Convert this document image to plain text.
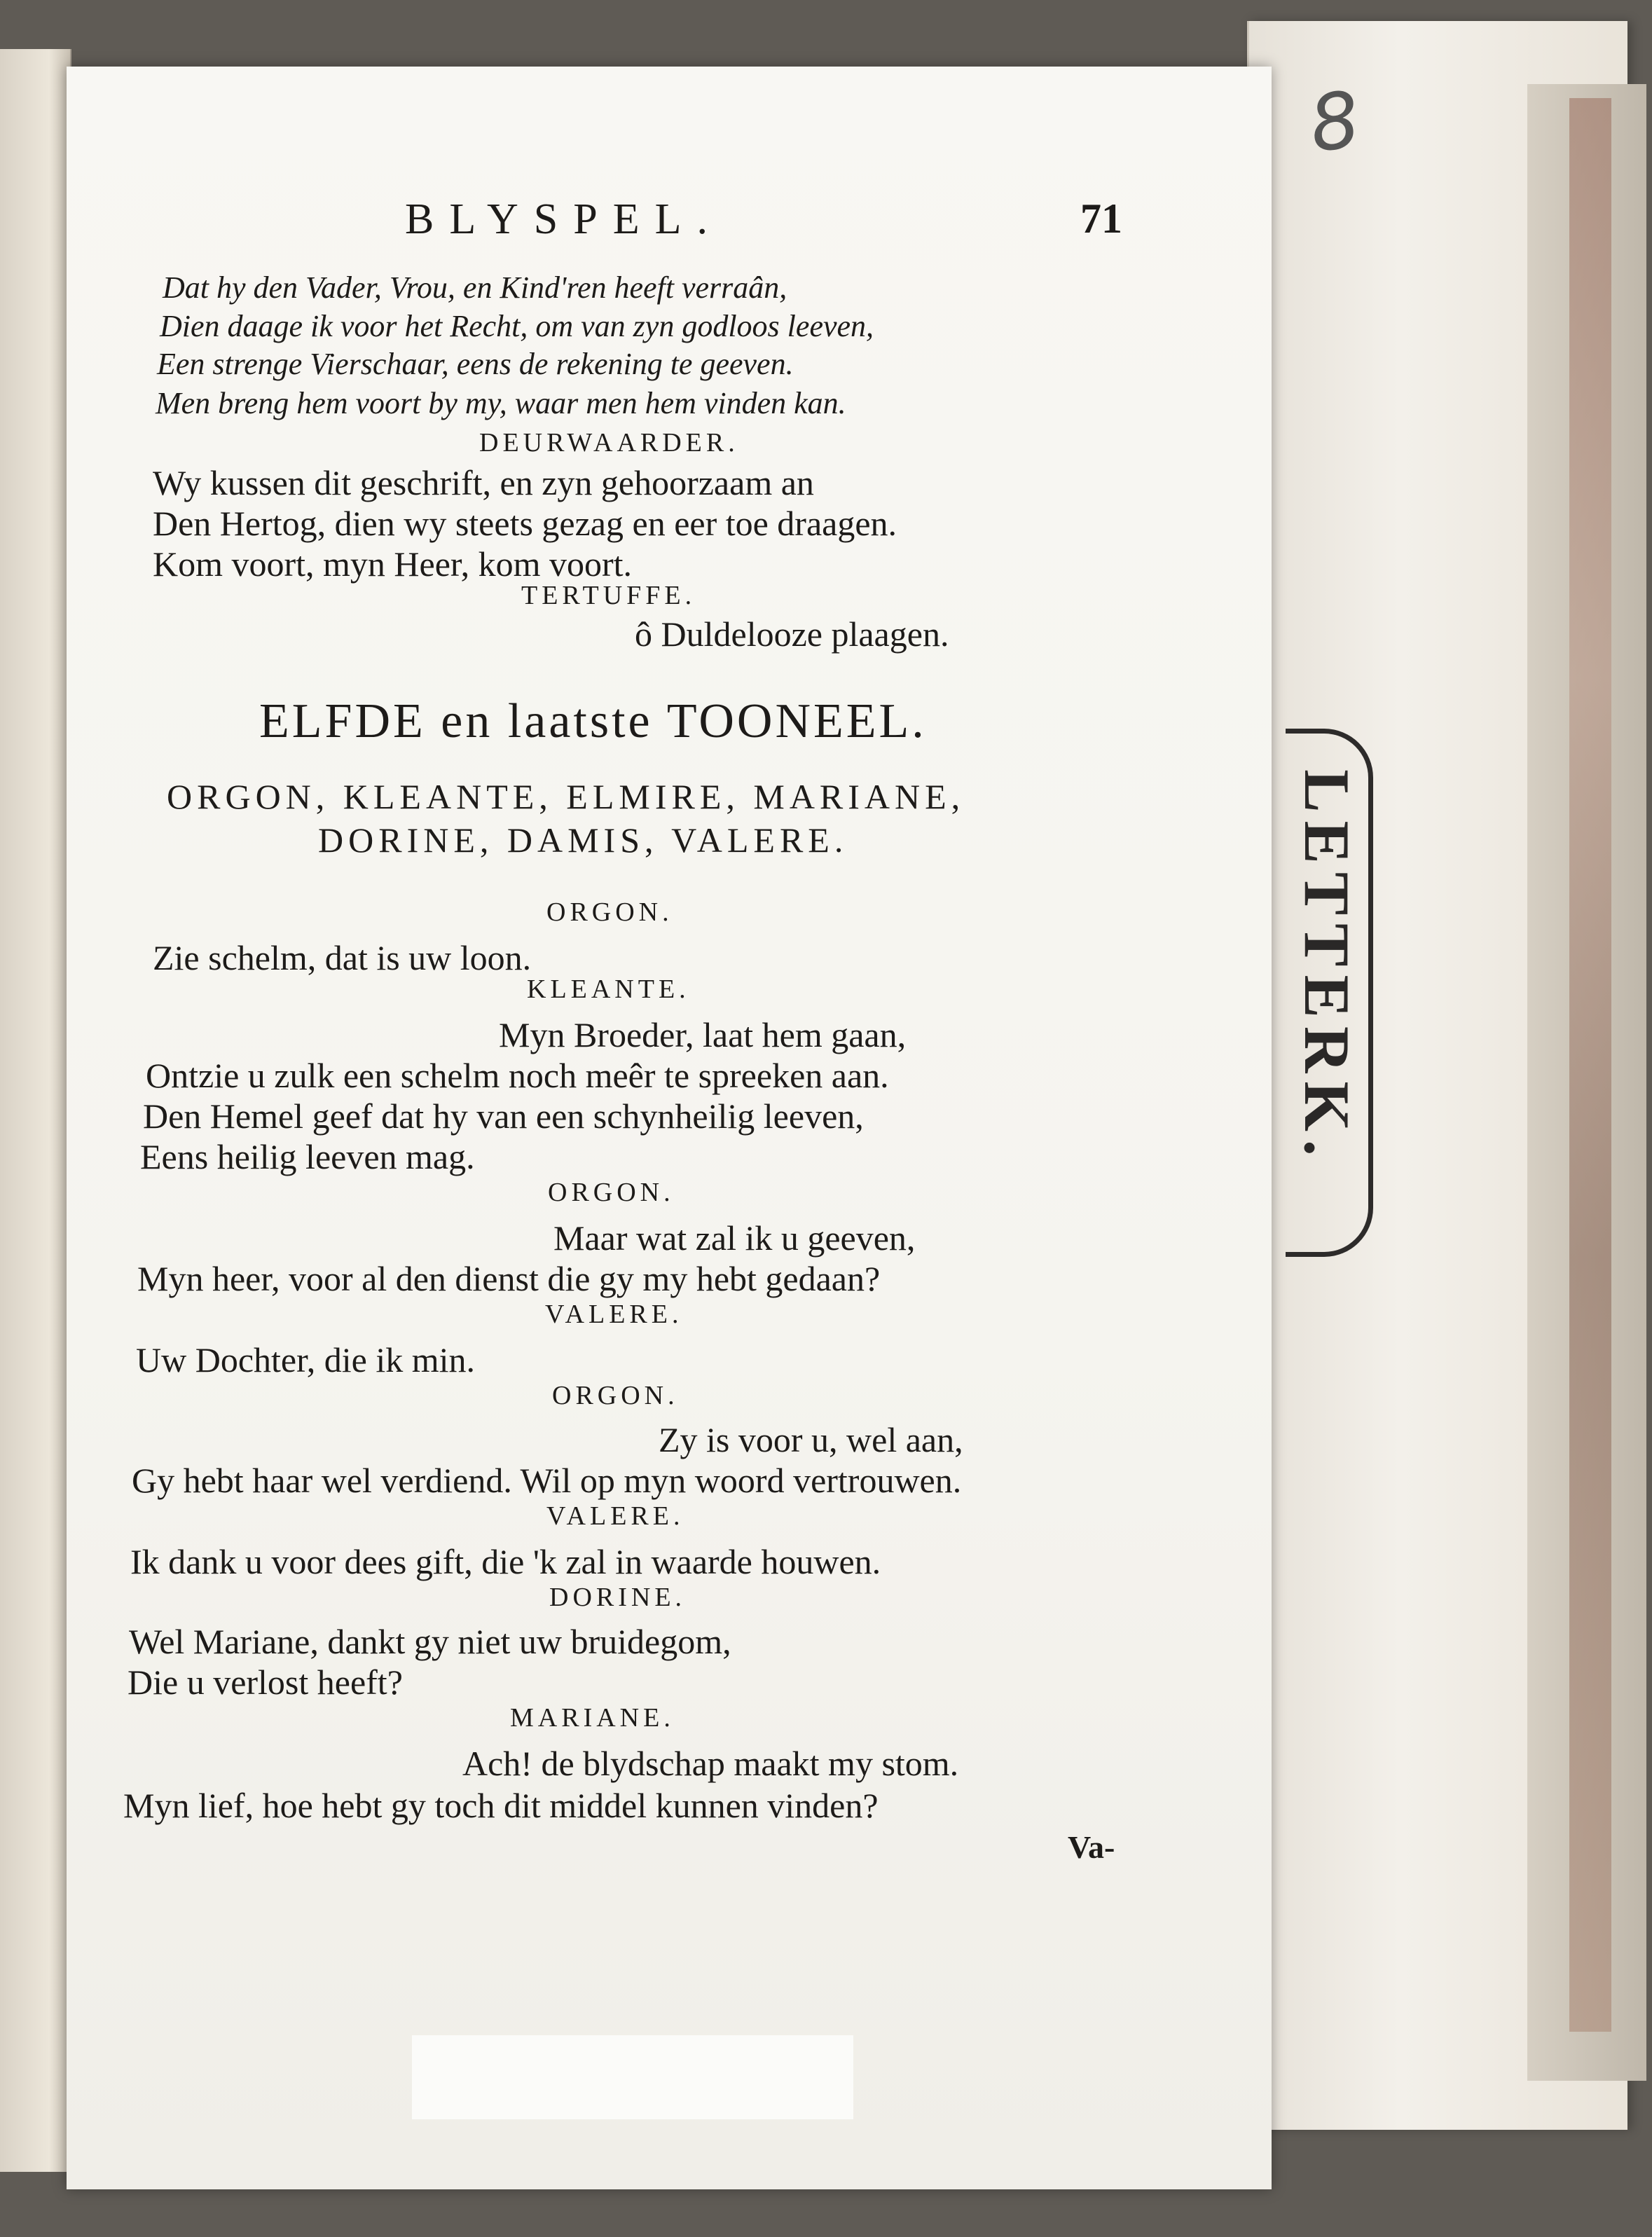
8
LETTERK.
BLYSPEL.	71
Dat hy den Vader, Vrou, en Kind'ren heeft verraân,
Dien daage ik voor het Recht, om van zyn godloos leeven,
Een strenge Vierschaar, eens de rekening te geeven.
Men breng hem voort by my, waar men hem vinden kan.
DEURWAARDER.
Wy kussen dit geschrift, en zyn gehoorzaam an
Den Hertog, dien wy steets gezag en eer toe draagen.
Kom voort, myn Heer, kom voort.
TERTUFFE.
ô Duldelooze plaagen.
ELFDE en laatste TOONEEL.
ORGON, KLEANTE, ELMIRE, MARIANE,
DORINE, DAMIS, VALERE.
ORGON.
Zie schelm, dat is uw loon.
KLEANTE.
Myn Broeder, laat hem gaan,
Ontzie u zulk een schelm noch meêr te spreeken aan.
Den Hemel geef dat hy van een schynheilig leeven,
Eens heilig leeven mag.
ORGON.
Maar wat zal ik u geeven,
Myn heer, voor al den dienst die gy my hebt gedaan?
VALERE.
Uw Dochter, die ik min.
ORGON.
Zy is voor u, wel aan,
Gy hebt haar wel verdiend. Wil op myn woord vertrouwen.
VALERE.
Ik dank u voor dees gift, die 'k zal in waarde houwen.
DORINE.
Wel Mariane, dankt gy niet uw bruidegom,
Die u verlost heeft?
MARIANE.
Ach! de blydschap maakt my stom.
Myn lief, hoe hebt gy toch dit middel kunnen vinden?
Va-
